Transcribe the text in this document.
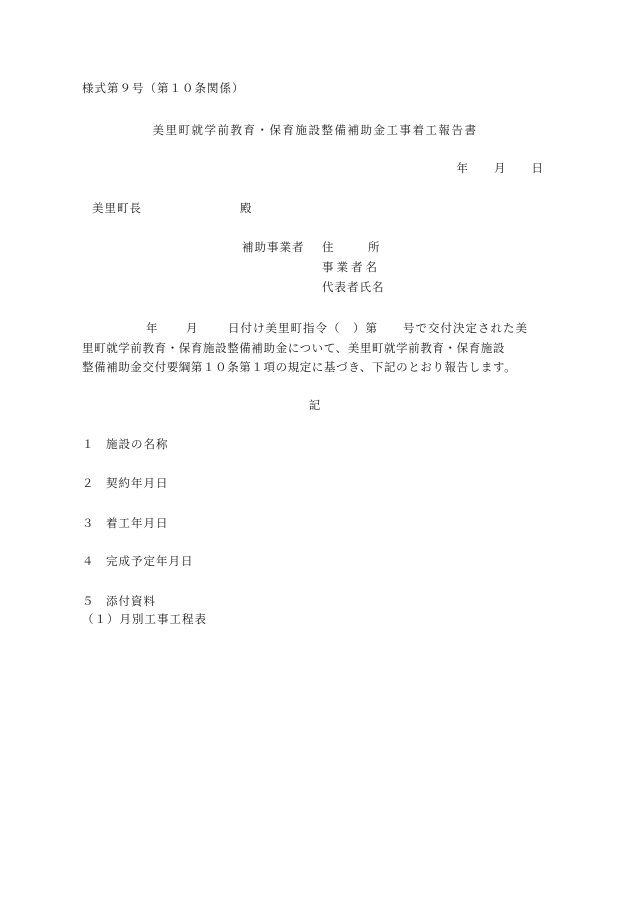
様式第９号（第１０条関係）
美里町就学前教育・保育施設整備補助金工事着工報告書
年　　月　　日
美里町長	殿
補助事業者 住　　　所
事業者名
代表者氏名
年 月	日付け美里町指令（　）第　　号で交付決定された美
里町就学前教育・保育施設整備補助金について、美里町就学前教育・保育施設
整備補助金交付要綱第１０条第１項の規定に基づき、下記のとおり報告します。
記
１ 施設の名称
２ 契約年月日
３ 着工年月日
４ 完成予定年月日
５ 添付資料
（１）月別工事工程表
